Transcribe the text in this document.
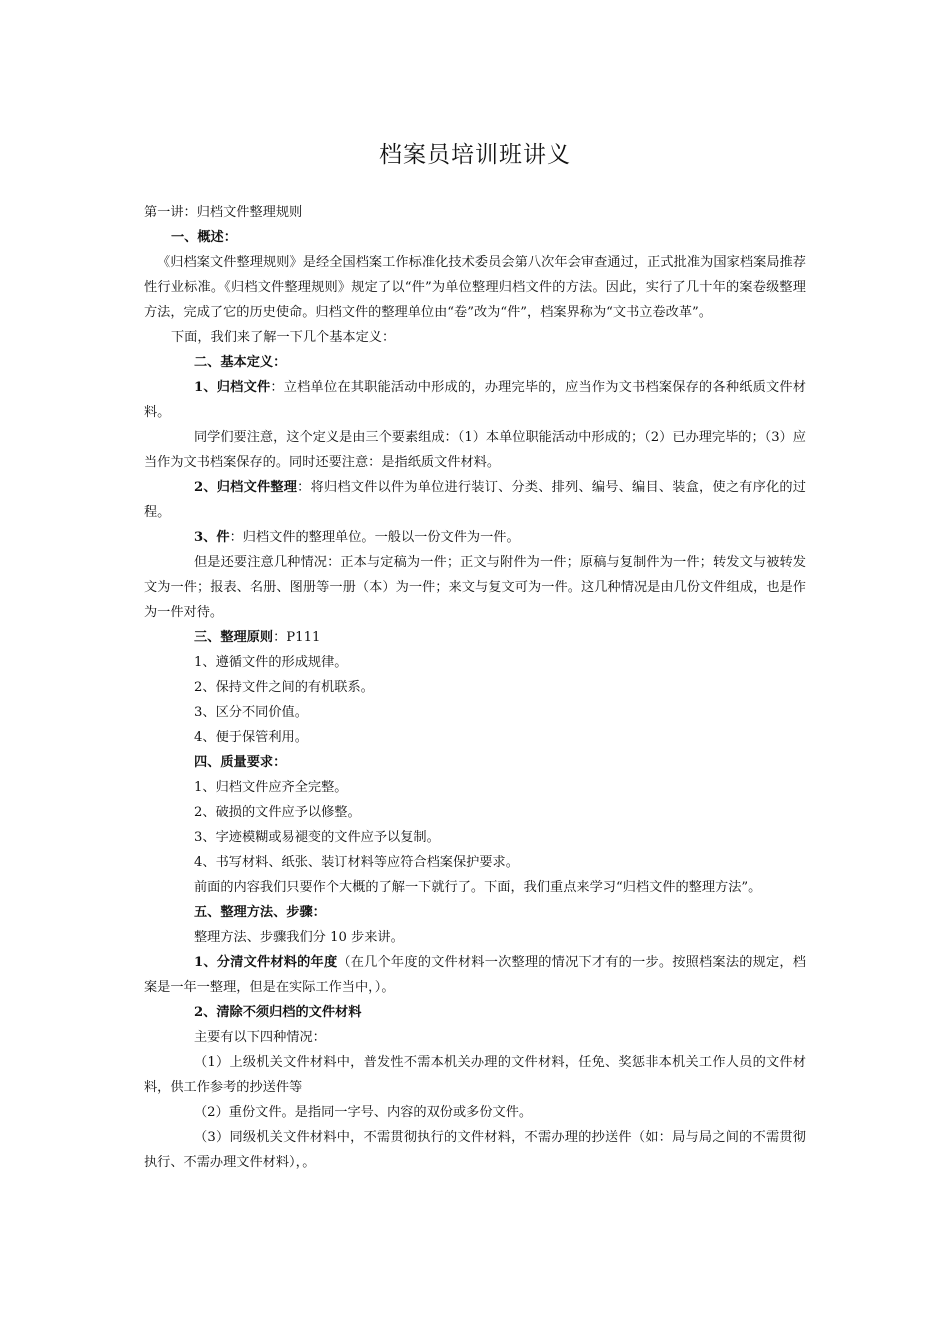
档案员培训班讲义

第一讲：归档文件整理规则

一、概述：

《归档案文件整理规则》是经全国档案工作标准化技术委员会第八次年会审查通过，正式批准为国家档案局推荐性行业标准。《归档文件整理规则》规定了以“件”为单位整理归档文件的方法。因此，实行了几十年的案卷级整理方法，完成了它的历史使命。归档文件的整理单位由“卷”改为“件”，档案界称为“文书立卷改革”。

下面，我们来了解一下几个基本定义：

二、基本定义：

1、归档文件：立档单位在其职能活动中形成的，办理完毕的，应当作为文书档案保存的各种纸质文件材料。

同学们要注意，这个定义是由三个要素组成：（1）本单位职能活动中形成的；（2）已办理完毕的；（3）应当作为文书档案保存的。同时还要注意：是指纸质文件材料。

2、归档文件整理：将归档文件以件为单位进行装订、分类、排列、编号、编目、装盒，使之有序化的过程。

3、件：归档文件的整理单位。一般以一份文件为一件。

但是还要注意几种情况：正本与定稿为一件；正文与附件为一件；原稿与复制件为一件；转发文与被转发文为一件；报表、名册、图册等一册（本）为一件；来文与复文可为一件。这几种情况是由几份文件组成，也是作为一件对待。

三、整理原则：P111

1、遵循文件的形成规律。

2、保持文件之间的有机联系。

3、区分不同价值。

4、便于保管利用。

四、质量要求：

1、归档文件应齐全完整。

2、破损的文件应予以修整。

3、字迹模糊或易褪变的文件应予以复制。

4、书写材料、纸张、装订材料等应符合档案保护要求。

前面的内容我们只要作个大概的了解一下就行了。下面，我们重点来学习“归档文件的整理方法”。

五、整理方法、步骤：

整理方法、步骤我们分 10 步来讲。

1、分清文件材料的年度（在几个年度的文件材料一次整理的情况下才有的一步。按照档案法的规定，档案是一年一整理，但是在实际工作当中，）。

2、清除不须归档的文件材料

主要有以下四种情况：

（1）上级机关文件材料中，普发性不需本机关办理的文件材料，任免、奖惩非本机关工作人员的文件材料，供工作参考的抄送件等

（2）重份文件。是指同一字号、内容的双份或多份文件。

（3）同级机关文件材料中，不需贯彻执行的文件材料，不需办理的抄送件（如：局与局之间的不需贯彻执行、不需办理文件材料），。
